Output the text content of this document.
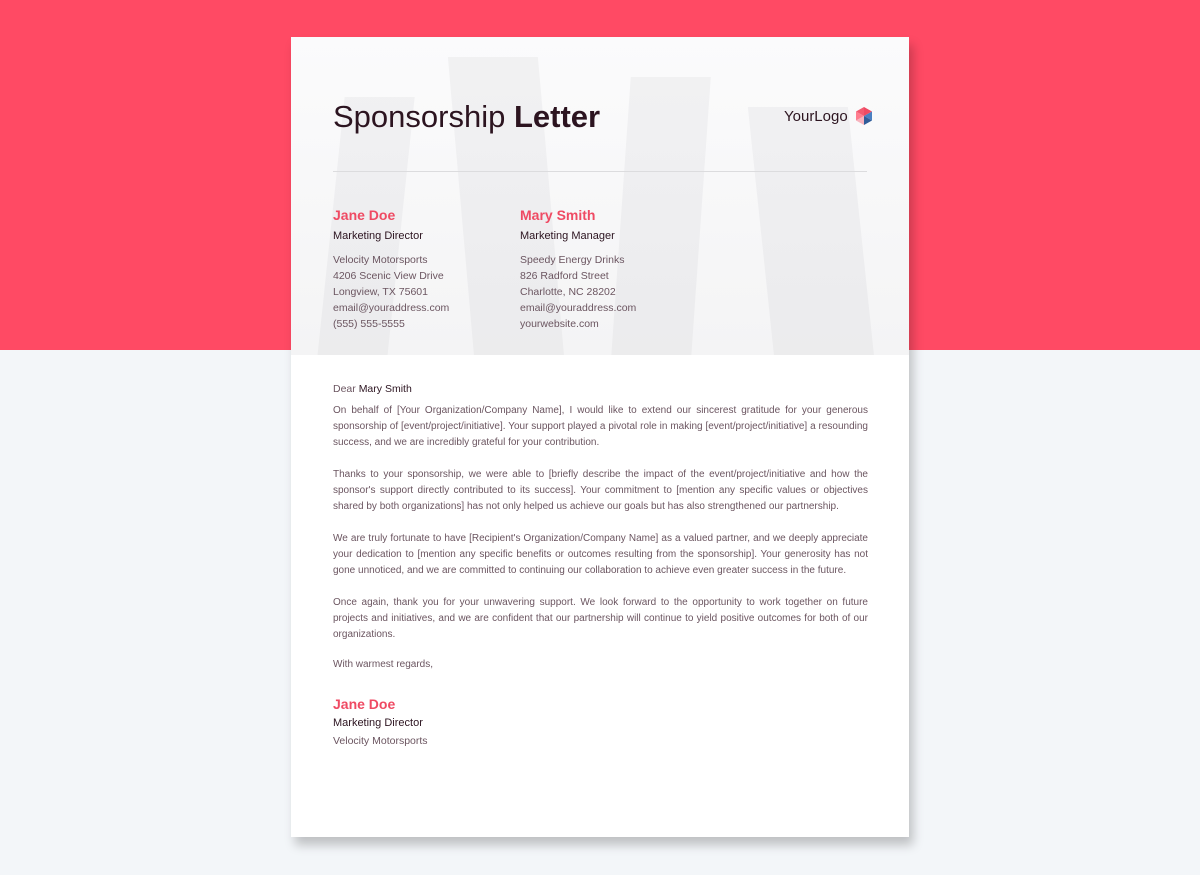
Sponsorship Letter	YourLogo
Jane Doe
Marketing Director
Velocity Motorsports
4206 Scenic View Drive
Longview, TX 75601
email@youraddress.com
(555) 555-5555
Mary Smith
Marketing Manager
Speedy Energy Drinks
826 Radford Street
Charlotte, NC 28202
email@youraddress.com
yourwebsite.com
Dear Mary Smith

On behalf of [Your Organization/Company Name], I would like to extend our sincerest gratitude for your generous sponsorship of [event/project/initiative]. Your support played a pivotal role in making [event/project/initiative] a resounding success, and we are incredibly grateful for your contribution.

Thanks to your sponsorship, we were able to [briefly describe the impact of the event/project/initiative and how the sponsor's support directly contributed to its success]. Your commitment to [mention any specific values or objectives shared by both organizations] has not only helped us achieve our goals but has also strengthened our partnership.

We are truly fortunate to have [Recipient's Organization/Company Name] as a valued partner, and we deeply appreciate your dedication to [mention any specific benefits or outcomes resulting from the sponsorship]. Your generosity has not gone unnoticed, and we are committed to continuing our collaboration to achieve even greater success in the future.

Once again, thank you for your unwavering support. We look forward to the opportunity to work together on future projects and initiatives, and we are confident that our partnership will continue to yield positive outcomes for both of our organizations.

With warmest regards,
Jane Doe
Marketing Director
Velocity Motorsports
